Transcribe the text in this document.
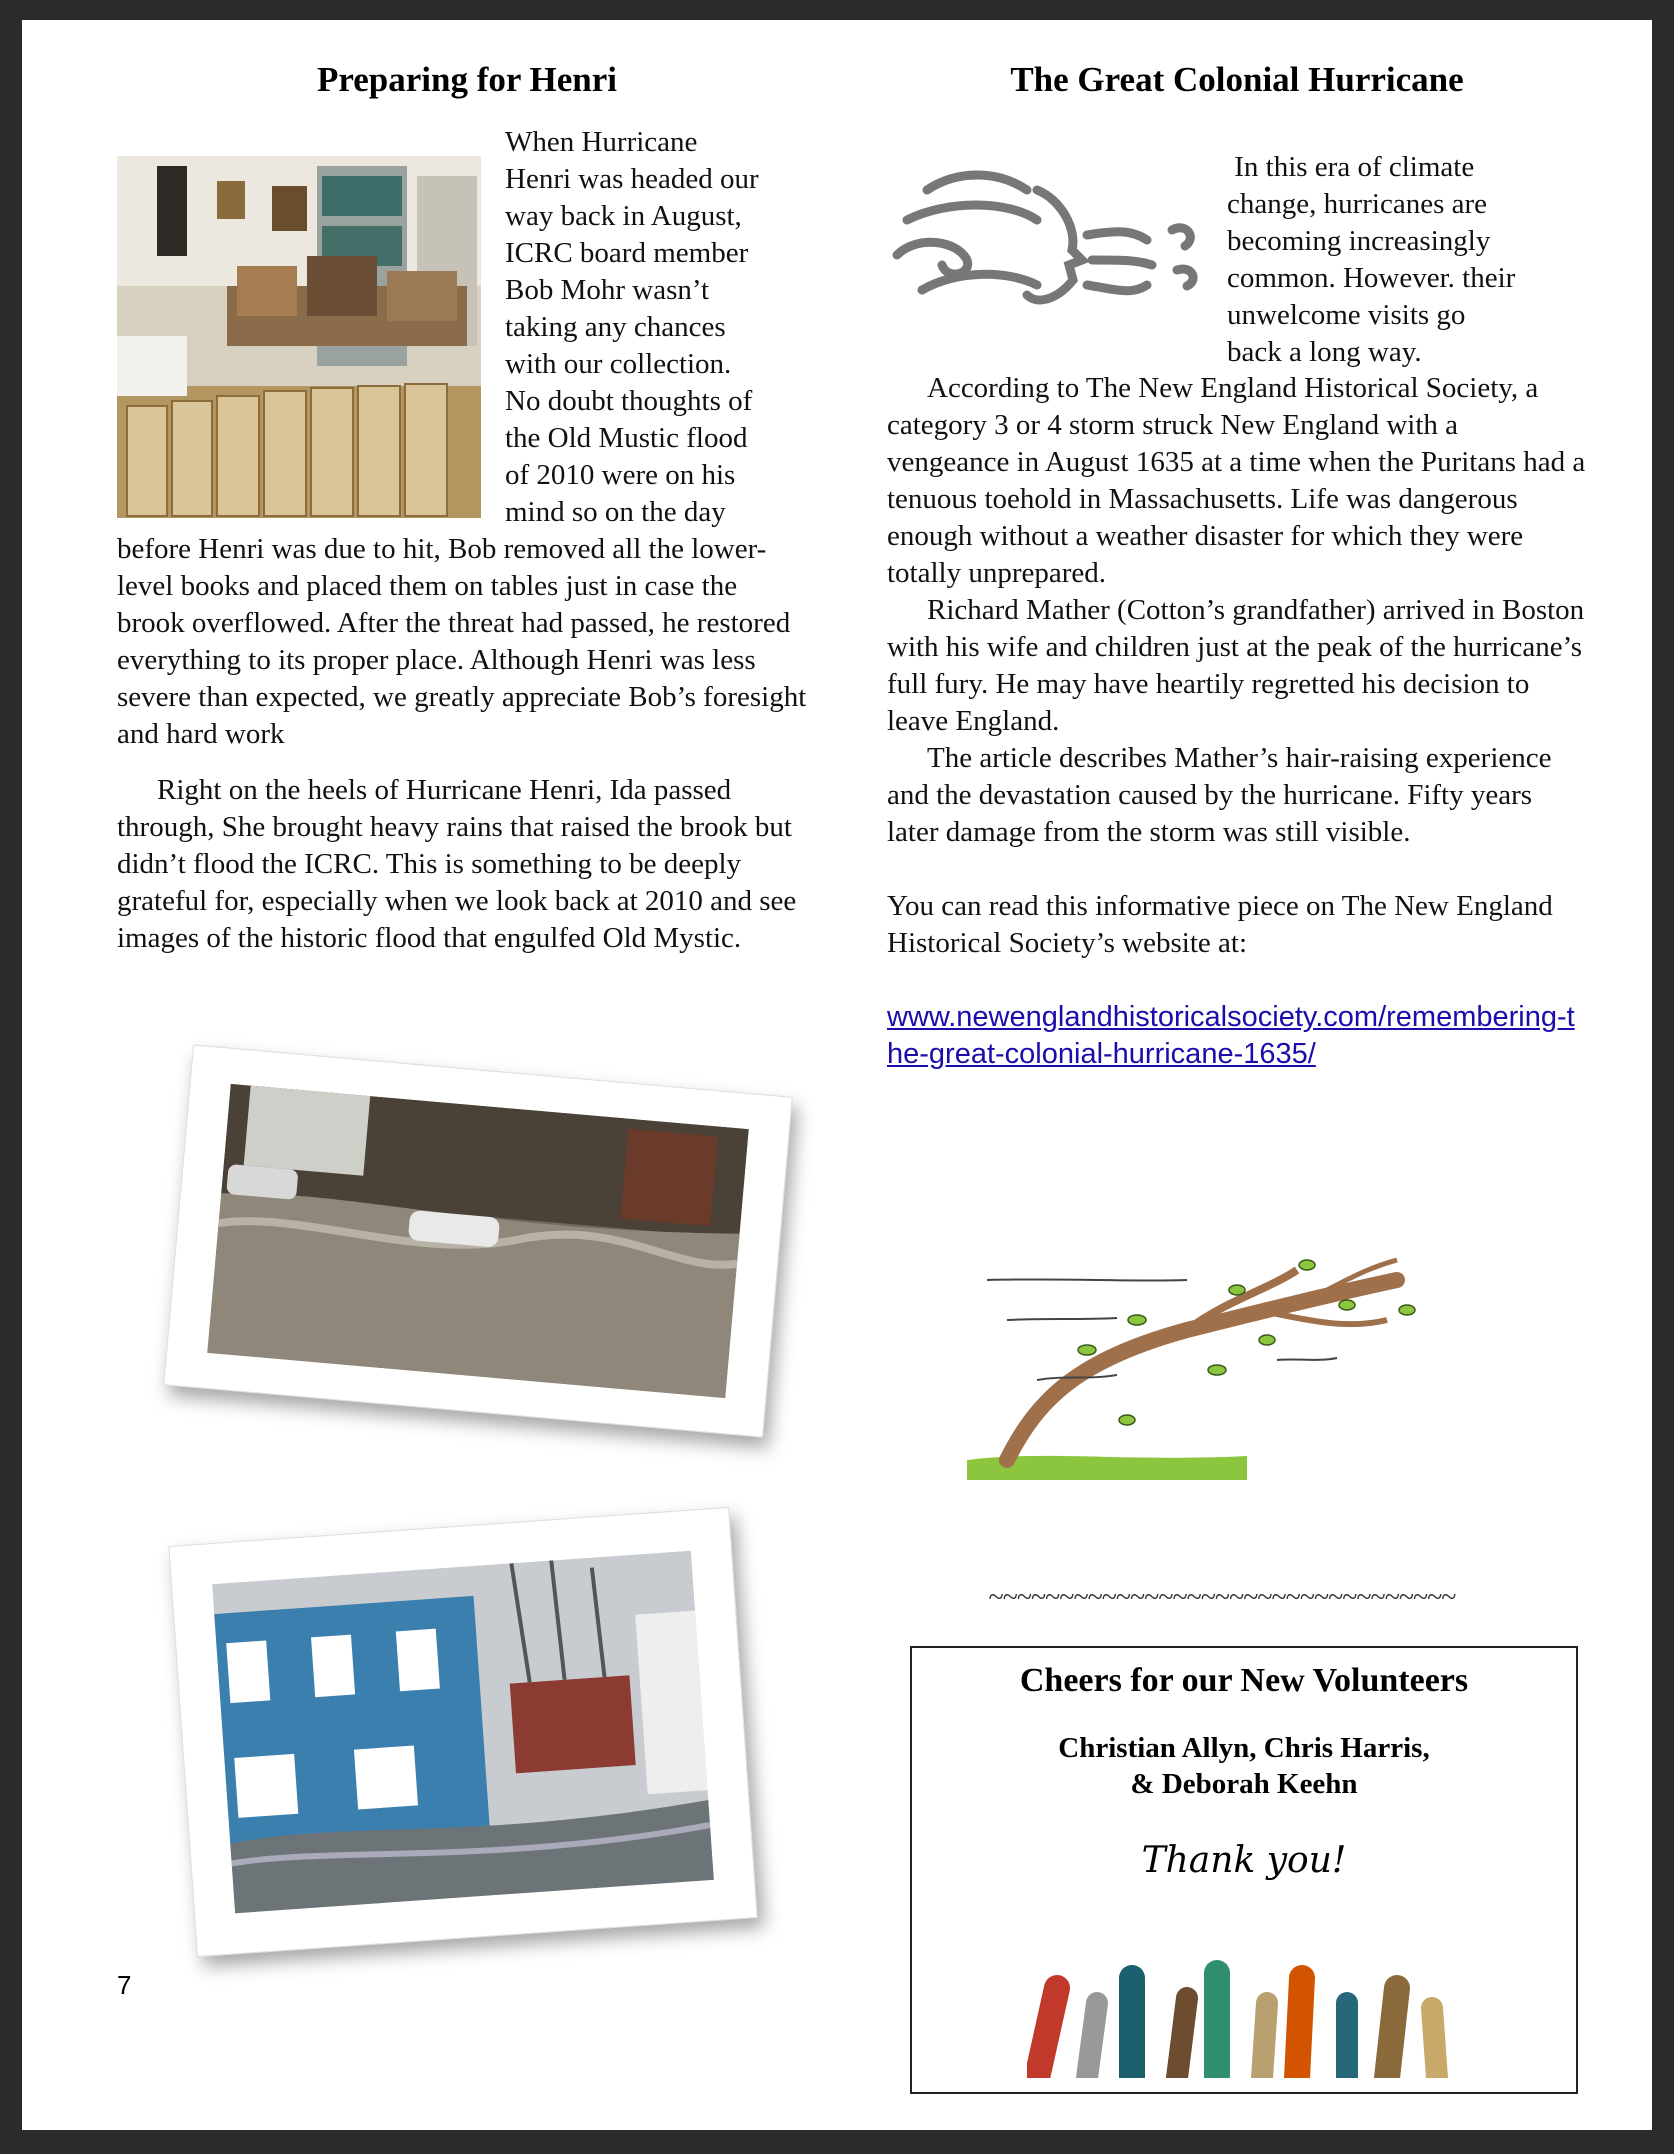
Preparing for Henri
When Hurricane
Henri was headed our
way back in August,
ICRC board member
Bob Mohr wasn’t
taking any chances
with our collection.
No doubt thoughts of
the Old Mustic flood
of 2010 were on his
mind so on the day

before Henri was due to hit, Bob removed all the lower-level books and placed them on tables just in case the brook overflowed. After the threat had passed, he restored everything to its proper place. Although Henri was less severe than expected, we greatly appreciate Bob’s foresight and hard work

Right on the heels of Hurricane Henri, Ida passed through, She brought heavy rains that raised the brook but didn’t flood the ICRC. This is something to be deeply grateful for, especially when we look back at 2010 and see images of the historic flood that engulfed Old Mystic.

The Great Colonial Hurricane
In this era of climate
change, hurricanes are
becoming increasingly
common. However. their
unwelcome visits go
back a long way.

According to The New England Historical Society, a category 3 or 4 storm struck New England with a vengeance in August 1635 at a time when the Puritans had a tenuous toehold in Massachusetts. Life was dangerous enough without a weather disaster for which they were totally unprepared.

Richard Mather (Cotton’s grandfather) arrived in Boston with his wife and children just at the peak of the hurricane’s full fury. He may have heartily regretted his decision to leave England.

The article describes Mather’s hair-raising experience and the devastation caused by the hurricane. Fifty years later damage from the storm was still visible.

You can read this informative piece on The New England Historical Society’s website at:

www.newenglandhistoricalsociety.com/remembering-the-great-colonial-hurricane-1635/

~~~~~~~~~~~~~~~~~~~~~~~~~~~~~~~~~
Cheers for our New Volunteers
Christian Allyn, Chris Harris,
& Deborah Keehn
Thank you!
7
